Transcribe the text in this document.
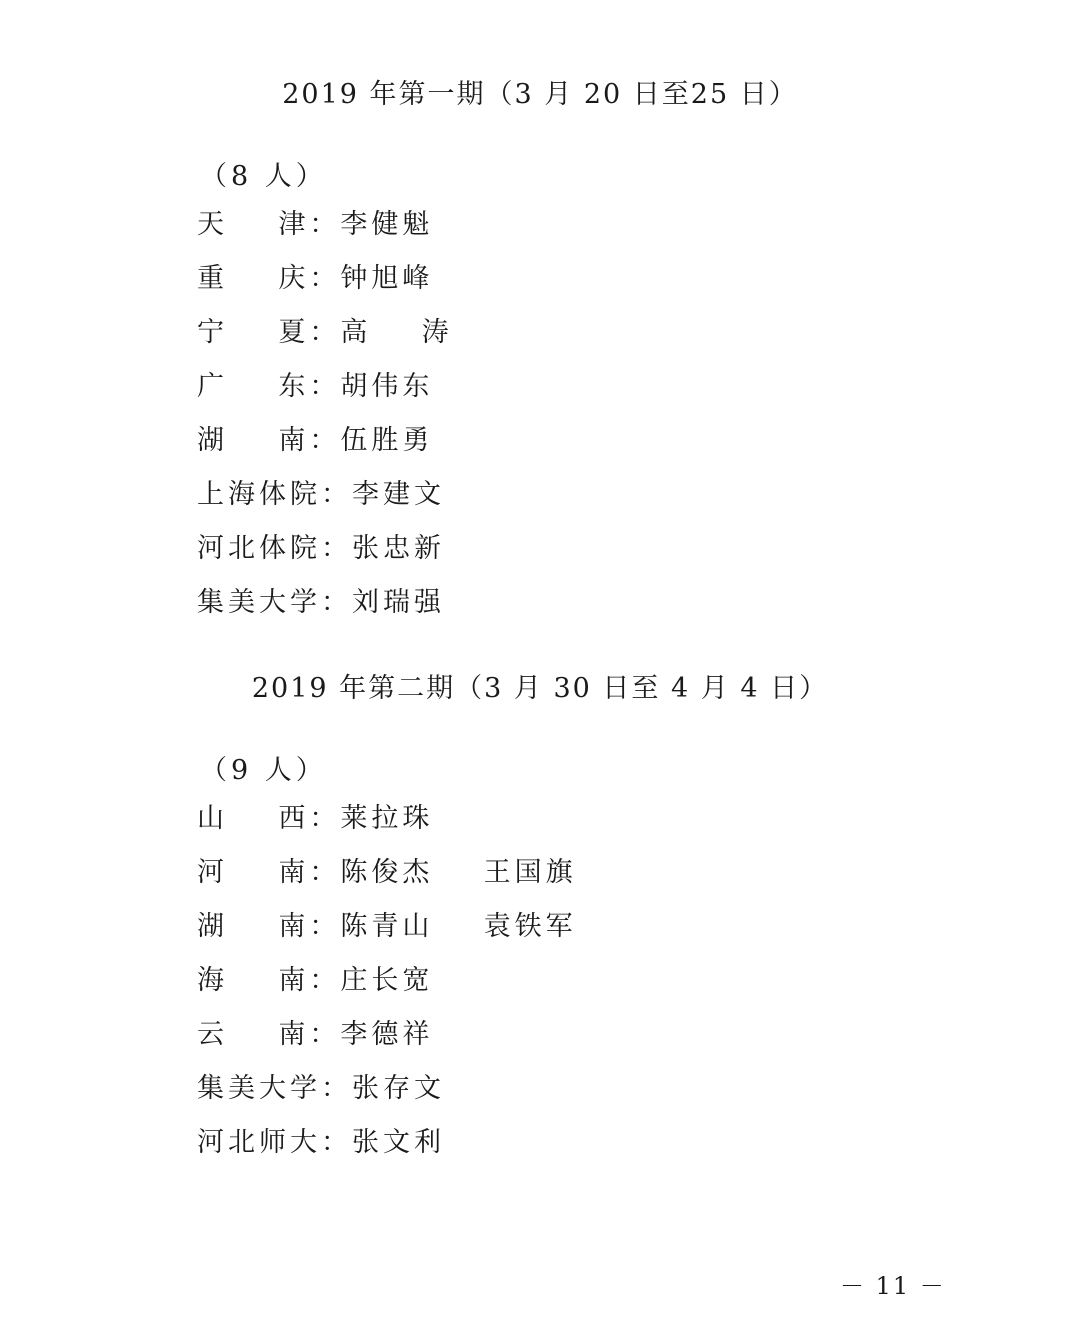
2019 年第一期（3 月 20 日至25 日）
（8 人）
天    津：李健魁
重    庆：钟旭峰
宁    夏：高    涛
广    东：胡伟东
湖    南：伍胜勇
上海体院：李建文
河北体院：张忠新
集美大学：刘瑞强
2019 年第二期（3 月 30 日至 4 月 4 日）
（9 人）
山    西：莱拉珠
河    南：陈俊杰    王国旗
湖    南：陈青山    袁铁军
海    南：庄长宽
云    南：李德祥
集美大学：张存文
河北师大：张文利
－ 11 －
